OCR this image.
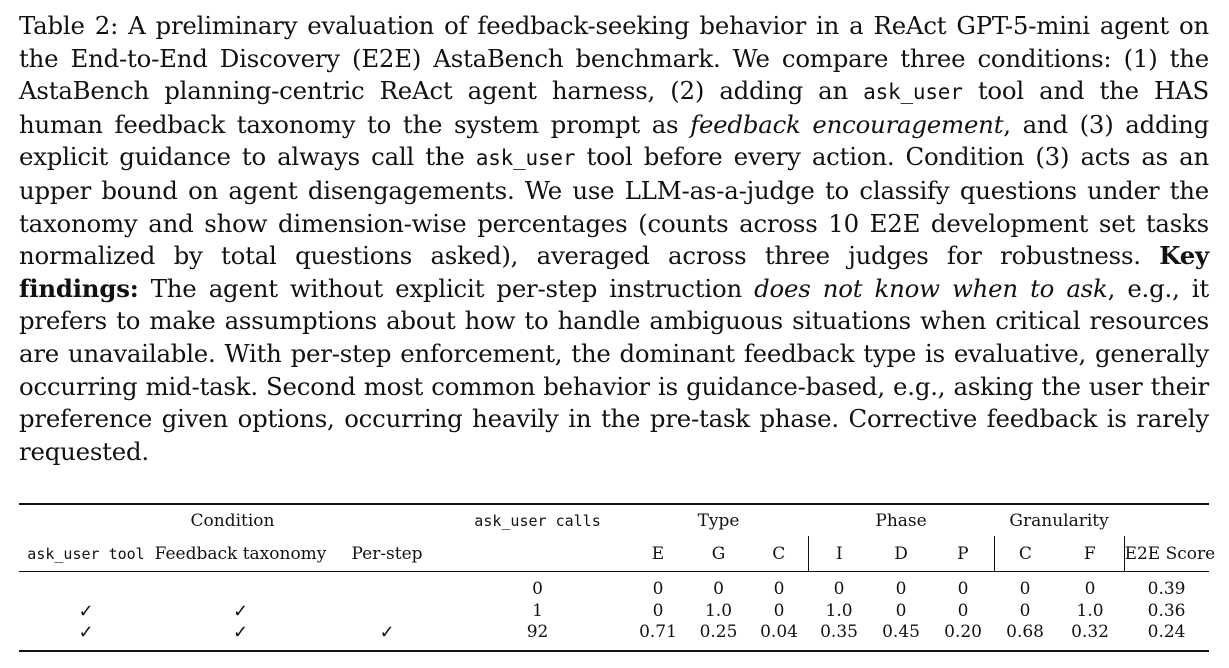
Table 2: A preliminary evaluation of feedback-seeking behavior in a ReAct GPT-5-mini agent on the End-to-End Discovery (E2E) AstaBench benchmark. We compare three conditions: (1) the AstaBench planning-centric ReAct agent harness, (2) adding an ask_user tool and the HAS human feedback taxonomy to the system prompt as feedback encouragement, and (3) adding explicit guidance to always call the ask_user tool before every action. Condition (3) acts as an upper bound on agent disengagements. We use LLM-as-a-judge to classify questions under the taxonomy and show dimension-wise percentages (counts across 10 E2E development set tasks normalized by total questions asked), averaged across three judges for robustness. Key findings: The agent without explicit per-step instruction does not know when to ask, e.g., it prefers to make assumptions about how to handle ambiguous situations when critical resources are unavailable. With per-step enforcement, the dominant feedback type is evaluative, generally occurring mid-task. Second most common behavior is guidance-based, e.g., asking the user their preference given options, occurring heavily in the pre-task phase. Corrective feedback is rarely requested.
Condition			ask_user calls	Type			Phase			Granularity		
ask_user tool	Feedback taxonomy	Per-step		E	G	C	I	D	P	C	F	E2E Score

			0	0	0	0	0	0	0	0	0	0.39
✓	✓		1	0	1.0	0	1.0	0	0	0	1.0	0.36
✓	✓	✓	92	0.71	0.25	0.04	0.35	0.45	0.20	0.68	0.32	0.24
